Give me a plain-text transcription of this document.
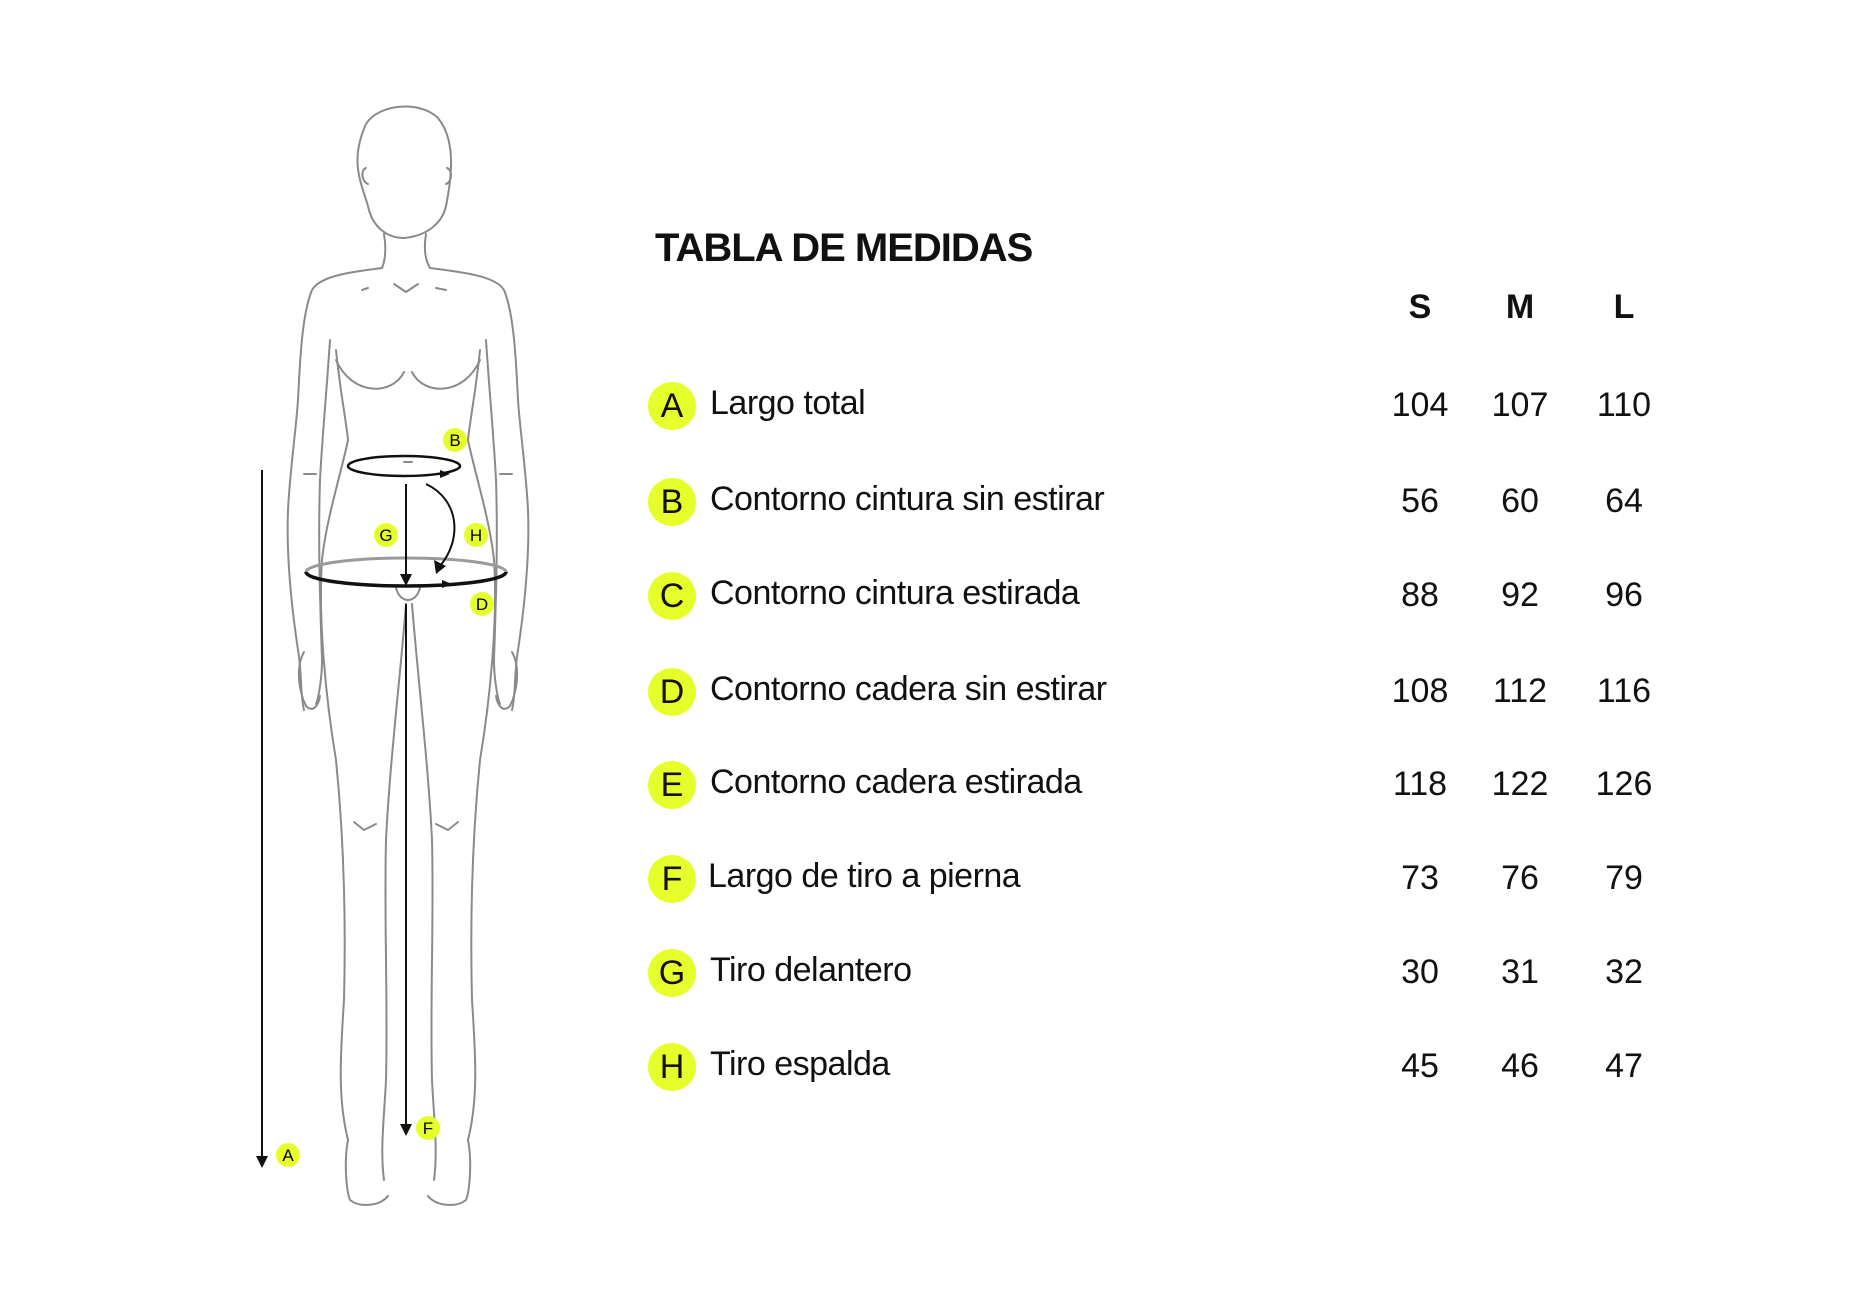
B
G	H
D
F
A
TABLA DE MEDIDAS
S	M	L
A Largo total	104	107	110
B Contorno cintura sin estirar	56	60	64
C Contorno cintura estirada	88	92	96
D Contorno cadera sin estirar	108	112	116
E Contorno cadera estirada	118	122	126
F Largo de tiro a pierna	73	76	79
G Tiro delantero	30	31	32
H Tiro espalda	45	46	47
